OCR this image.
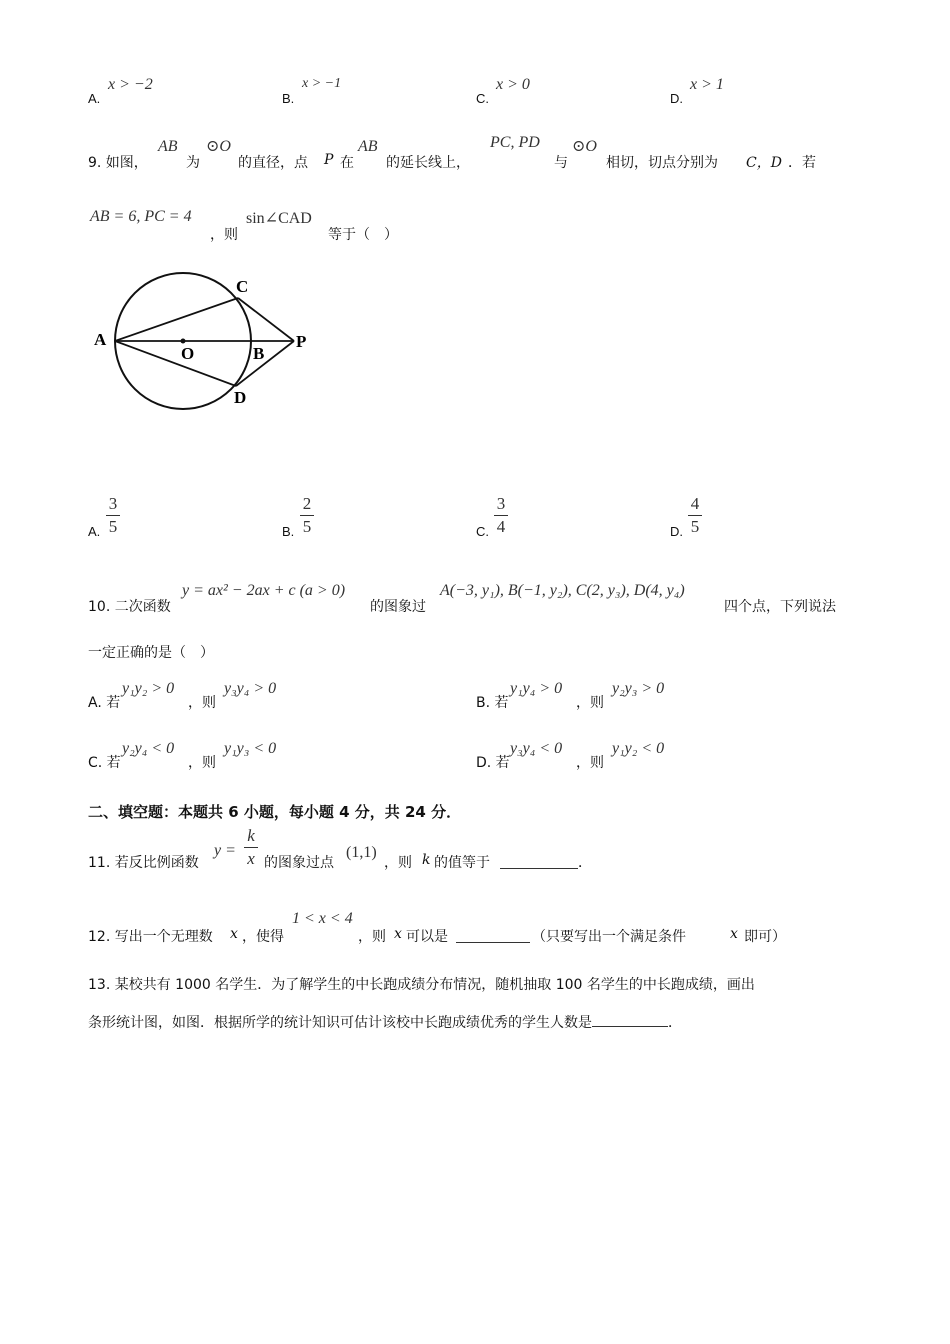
A.
x > −2
B.
x > −1
C.
x > 0
D.
x > 1
9. 如图，
AB
为
⊙O
的直径，点 P 在
AB
的延长线上，
PC, PD
与
⊙O
相切，切点分别为 C，D ．若
AB = 6, PC = 4
，则
sin∠CAD
等于（　）
A
O	B
P
C
D
A.
3
5	B.
2
5	C.
3
4	D.
4
5
10. 二次函数
y = ax² − 2ax + c (a > 0)
的图象过
A(−3, y₁), B(−1, y₂), C(2, y₃), D(4, y₄)
四个点，下列说法
一定正确的是（　）
A. 若
y₁y₂ > 0
，则
y₃y₄ > 0
B. 若
y₁y₄ > 0
，则
y₂y₃ > 0
C. 若
y₂y₄ < 0
，则
y₁y₃ < 0
D. 若
y₃y₄ < 0
，则
y₁y₂ < 0
二、填空题：本题共 6 小题，每小题 4 分，共 24 分．
11. 若反比例函数
y =
k
x 的图象过点
(1,1)
，则 k 的值等于	．
12. 写出一个无理数 x ，使得
1 < x < 4
，则 x 可以是	（只要写出一个满足条件	x 即可）
13. 某校共有 1000 名学生．为了解学生的中长跑成绩分布情况，随机抽取 100 名学生的中长跑成绩，画出
条形统计图，如图．根据所学的统计知识可估计该校中长跑成绩优秀的学生人数是	．
